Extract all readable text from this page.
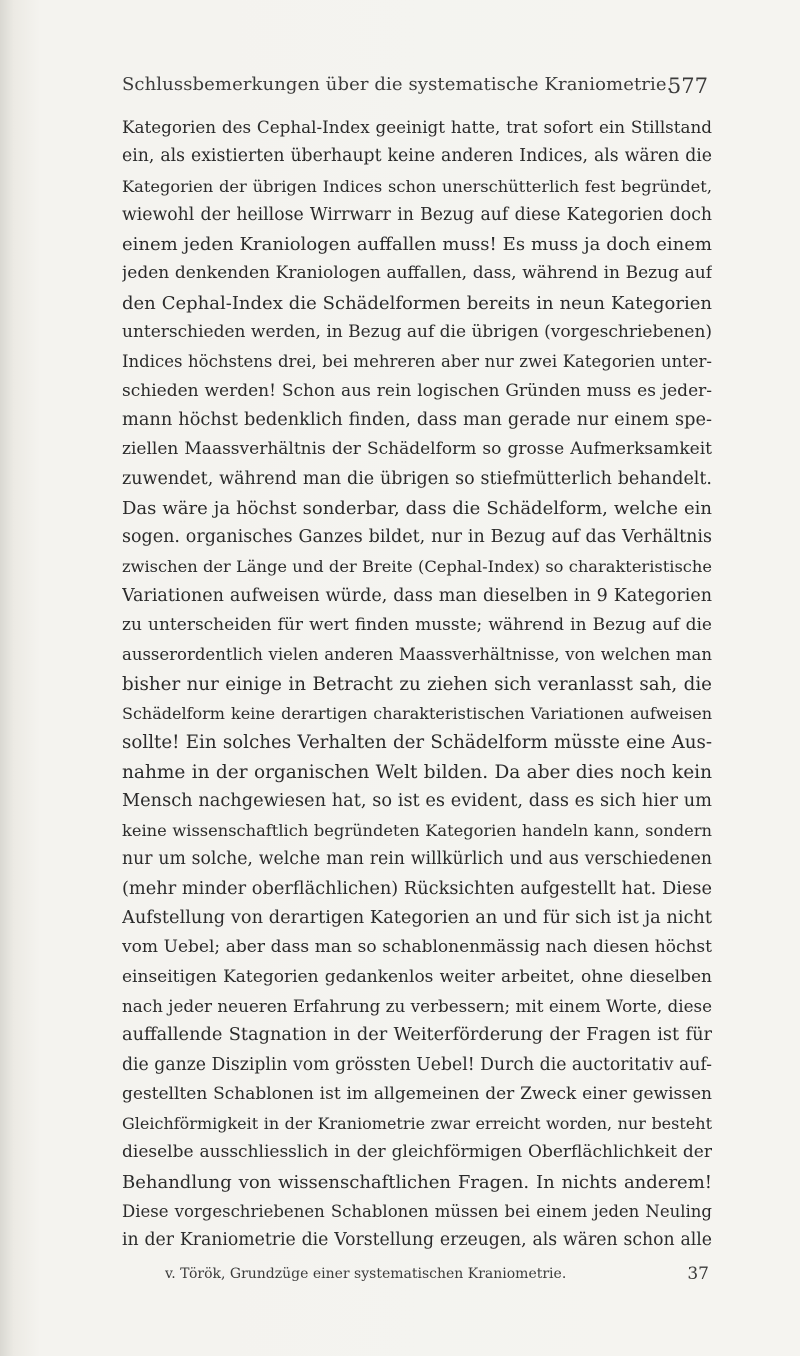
Schlussbemerkungen über die systematische Kraniometrie.
577
Kategorien des Cephal-Index geeinigt hatte, trat sofort ein Stillstand
ein, als existierten überhaupt keine anderen Indices, als wären die
Kategorien der übrigen Indices schon unerschütterlich fest begründet,
wiewohl der heillose Wirrwarr in Bezug auf diese Kategorien doch
einem jeden Kraniologen auffallen muss! Es muss ja doch einem
jeden denkenden Kraniologen auffallen, dass, während in Bezug auf
den Cephal-Index die Schädelformen bereits in neun Kategorien
unterschieden werden, in Bezug auf die übrigen (vorgeschriebenen)
Indices höchstens drei, bei mehreren aber nur zwei Kategorien unter-
schieden werden! Schon aus rein logischen Gründen muss es jeder-
mann höchst bedenklich finden, dass man gerade nur einem spe-
ziellen Maassverhältnis der Schädelform so grosse Aufmerksamkeit
zuwendet, während man die übrigen so stiefmütterlich behandelt.
Das wäre ja höchst sonderbar, dass die Schädelform, welche ein
sogen. organisches Ganzes bildet, nur in Bezug auf das Verhältnis
zwischen der Länge und der Breite (Cephal-Index) so charakteristische
Variationen aufweisen würde, dass man dieselben in 9 Kategorien
zu unterscheiden für wert finden musste; während in Bezug auf die
ausserordentlich vielen anderen Maassverhältnisse, von welchen man
bisher nur einige in Betracht zu ziehen sich veranlasst sah, die
Schädelform keine derartigen charakteristischen Variationen aufweisen
sollte! Ein solches Verhalten der Schädelform müsste eine Aus-
nahme in der organischen Welt bilden. Da aber dies noch kein
Mensch nachgewiesen hat, so ist es evident, dass es sich hier um
keine wissenschaftlich begründeten Kategorien handeln kann, sondern
nur um solche, welche man rein willkürlich und aus verschiedenen
(mehr minder oberflächlichen) Rücksichten aufgestellt hat. Diese
Aufstellung von derartigen Kategorien an und für sich ist ja nicht
vom Uebel; aber dass man so schablonenmässig nach diesen höchst
einseitigen Kategorien gedankenlos weiter arbeitet, ohne dieselben
nach jeder neueren Erfahrung zu verbessern; mit einem Worte, diese
auffallende Stagnation in der Weiterförderung der Fragen ist für
die ganze Disziplin vom grössten Uebel! Durch die auctoritativ auf-
gestellten Schablonen ist im allgemeinen der Zweck einer gewissen
Gleichförmigkeit in der Kraniometrie zwar erreicht worden, nur besteht
dieselbe ausschliesslich in der gleichförmigen Oberflächlichkeit der
Behandlung von wissenschaftlichen Fragen. In nichts anderem!
Diese vorgeschriebenen Schablonen müssen bei einem jeden Neuling
in der Kraniometrie die Vorstellung erzeugen, als wären schon alle
v. Török, Grundzüge einer systematischen Kraniometrie.	37
